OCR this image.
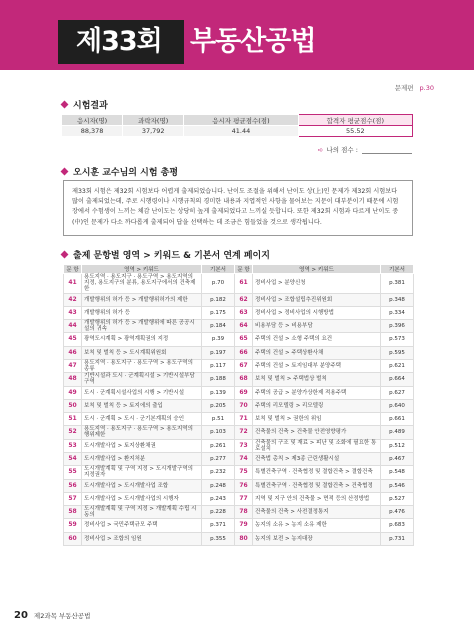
제33회	부동산공법
문제편 p.30
시험결과
응시자(명)	과락자(명)	응시자 평균점수(점)	합격자 평균점수(점)
88,378	37,792	41.44	55.52
➪ 나의 점수 :
오시훈 교수님의 시험 총평
제33회 시험은 제32회 시험보다 어렵게 출제되었습니다. 난이도 조절을 위해서 난이도 상(上)인 문제가 제32회 시험보다 많이 출제되었는데, 주로 시행령이나 시행규칙의 경미한 내용과 지엽적인 사항을 물어보는 지문이 대부분이기 때문에 시험장에서 수험생이 느끼는 체감 난이도는 상당히 높게 출제되었다고 느끼실 듯합니다. 또한 제32회 시험과 다르게 난이도 중(中)인 문제가 다소 까다롭게 출제되어 답을 선택하는 데 조금은 힘들었을 것으로 생각됩니다.
출제 문항별 영역 > 키워드 & 기본서 연계 페이지
문 항	영역 > 키워드	기본서	문 항	영역 > 키워드	기본서
41	용도지역 · 용도지구 · 용도구역 > 용도지역의 지정, 용도지구의 분류, 용도지구에서의 건축제한	p.70	61	정비사업 > 분양신청	p.381
42	개발행위의 허가 등 > 개발행위허가의 제한	p.182	62	정비사업 > 조합설립추진위원회	p.348
43	개발행위의 허가 등	p.175	63	정비사업 > 정비사업의 시행방법	p.334
44	개발행위의 허가 등 > 개발행위에 따른 공공시설의 귀속	p.184	64	비용부담 등 > 비용부담	p.396
45	광역도시계획 > 광역계획권의 지정	p.39	65	주택의 건설 > 소형 주택의 요건	p.573
46	보칙 및 벌칙 등 > 도시계획위원회	p.197	66	주택의 건설 > 주택상환사채	p.595
47	용도지역 · 용도지구 · 용도구역 > 용도구역의 종류	p.117	67	주택의 건설 > 토지임대부 분양주택	p.621
48	기반시설과 도시 · 군계획시설 > 기반시설부담구역	p.188	68	보칙 및 벌칙 > 주택법상 벌칙	p.664
49	도시 · 군계획시설사업의 시행 > 기반시설	p.139	69	주택의 공급 > 분양가상한제 적용주택	p.627
50	보칙 및 벌칙 등 > 토지에의 출입	p.205	70	주택의 리모델링 > 리모델링	p.640
51	도시 · 군계획 > 도시 · 군기본계획의 승인	p.51	71	보칙 및 벌칙 > 권한의 위임	p.661
52	용도지역 · 용도지구 · 용도구역 > 용도지역의 행위제한	p.103	72	건축물의 건축 > 건축물 안전영향평가	p.489
53	도시개발사업 > 토지상환채권	p.261	73	건축물의 구조 및 재료 > 피난 및 소화에 필요한 통로설치	p.512
54	도시개발사업 > 환지처분	p.277	74	건축법 총칙 > 제3종 근린생활시설	p.467
55	도시개발계획 및 구역 지정 > 도시개발구역의 지정권자	p.232	75	특별건축구역 · 건축협정 및 결합건축 > 결합건축	p.548
56	도시개발사업 > 도시개발사업 조합	p.248	76	특별건축구역 · 건축협정 및 결합건축 > 건축협정	p.546
57	도시개발사업 > 도시개발사업의 시행자	p.243	77	지역 및 지구 안의 건축물 > 면적 등의 산정방법	p.527
58	도시개발계획 및 구역 지정 > 개발계획 수립 시 동의	p.228	78	건축물의 건축 > 사전결정통지	p.476
59	정비사업 > 국민주택규모 주택	p.371	79	농지의 소유 > 농지 소유 제한	p.683
60	정비사업 > 조합의 임원	p.355	80	농지의 보전 > 농지대장	p.731
20 제2과목 부동산공법
